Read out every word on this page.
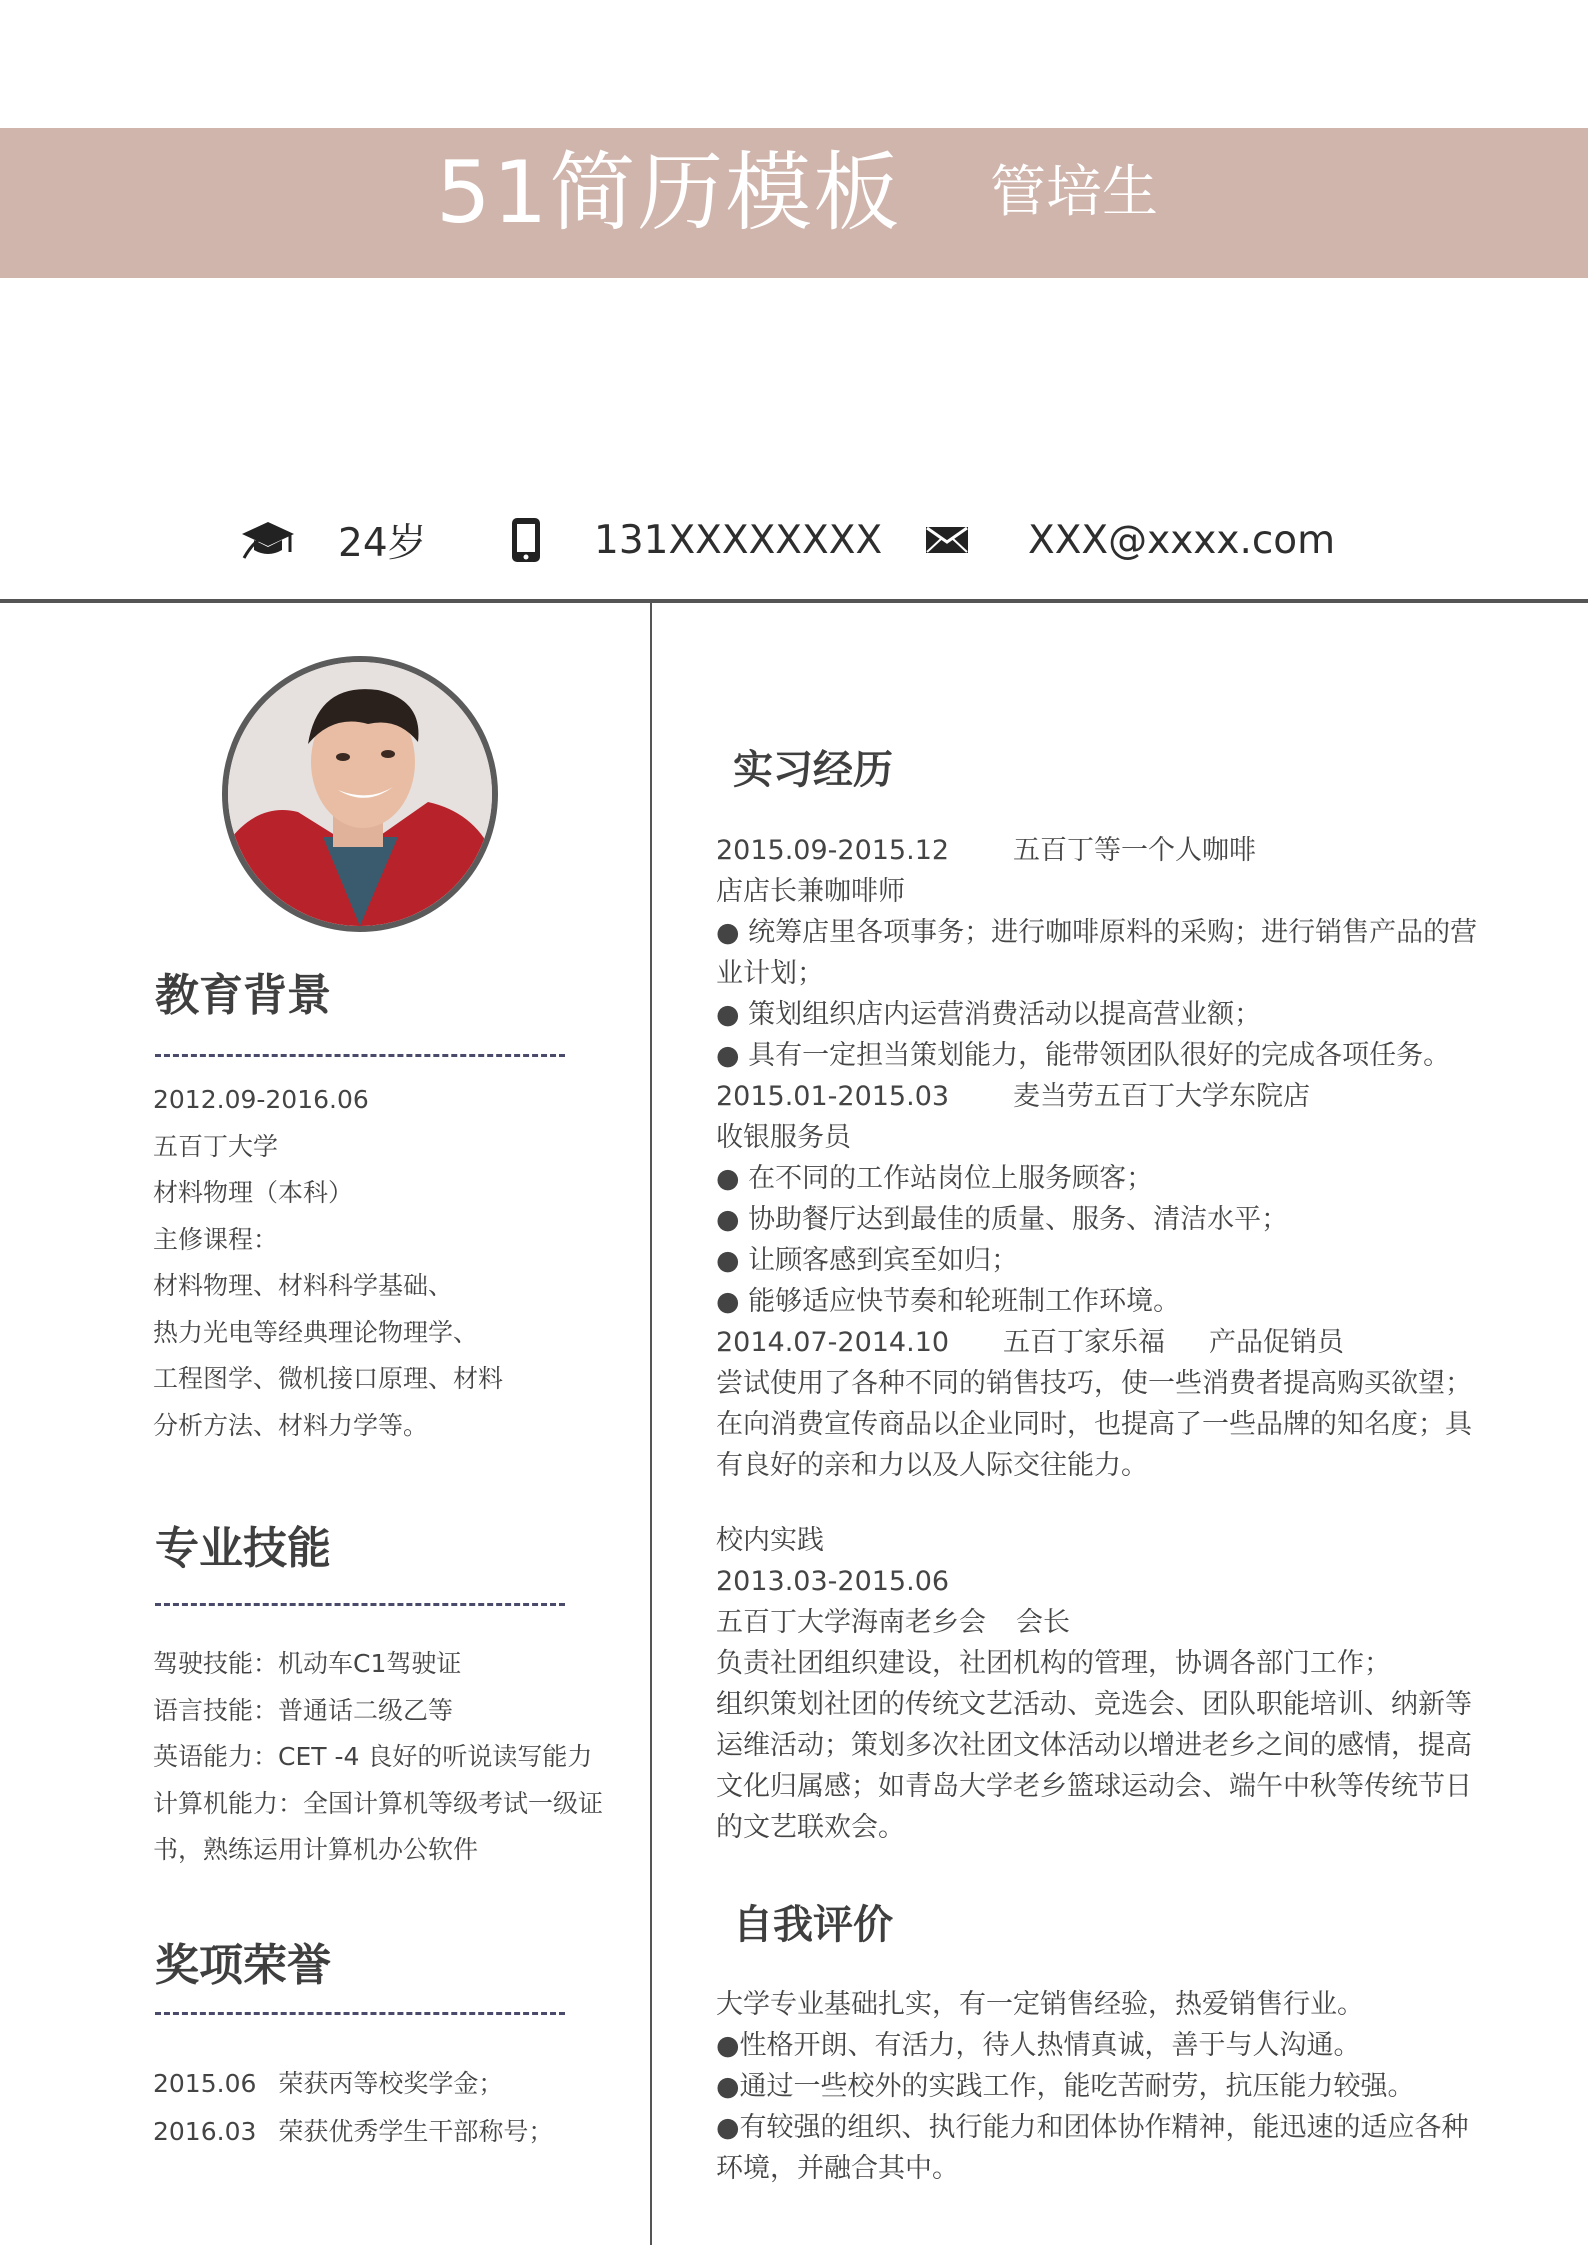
51简历模板 管培生
24岁	131XXXXXXXX	XXX@xxxx.com
教育背景
2012.09-2016.06
五百丁大学
材料物理（本科）
主修课程：
材料物理、材料科学基础、
热力光电等经典理论物理学、
工程图学、微机接口原理、材料
分析方法、材料力学等。
专业技能
驾驶技能：机动车C1驾驶证
语言技能：普通话二级乙等
英语能力：CET -4 良好的听说读写能力
计算机能力：全国计算机等级考试一级证
书，熟练运用计算机办公软件
奖项荣誉
2015.06 荣获丙等校奖学金；
2016.03 荣获优秀学生干部称号；
实习经历
2015.09-2015.12 五百丁等一个人咖啡
店店长兼咖啡师
● 统筹店里各项事务；进行咖啡原料的采购；进行销售产品的营
业计划；
● 策划组织店内运营消费活动以提高营业额；
● 具有一定担当策划能力，能带领团队很好的完成各项任务。
2015.01-2015.03 麦当劳五百丁大学东院店
收银服务员
● 在不同的工作站岗位上服务顾客；
● 协助餐厅达到最佳的质量、服务、清洁水平；
● 让顾客感到宾至如归；
● 能够适应快节奏和轮班制工作环境。
2014.07-2014.10 五百丁家乐福 产品促销员
尝试使用了各种不同的销售技巧，使一些消费者提高购买欲望；
在向消费宣传商品以企业同时，也提高了一些品牌的知名度；具
有良好的亲和力以及人际交往能力。
校内实践
2013.03-2015.06
五百丁大学海南老乡会 会长
负责社团组织建设，社团机构的管理，协调各部门工作；
组织策划社团的传统文艺活动、竞选会、团队职能培训、纳新等
运维活动；策划多次社团文体活动以增进老乡之间的感情，提高
文化归属感；如青岛大学老乡篮球运动会、端午中秋等传统节日
的文艺联欢会。
自我评价
大学专业基础扎实，有一定销售经验，热爱销售行业。
●性格开朗、有活力，待人热情真诚，善于与人沟通。
●通过一些校外的实践工作，能吃苦耐劳，抗压能力较强。
●有较强的组织、执行能力和团体协作精神，能迅速的适应各种
环境，并融合其中。
